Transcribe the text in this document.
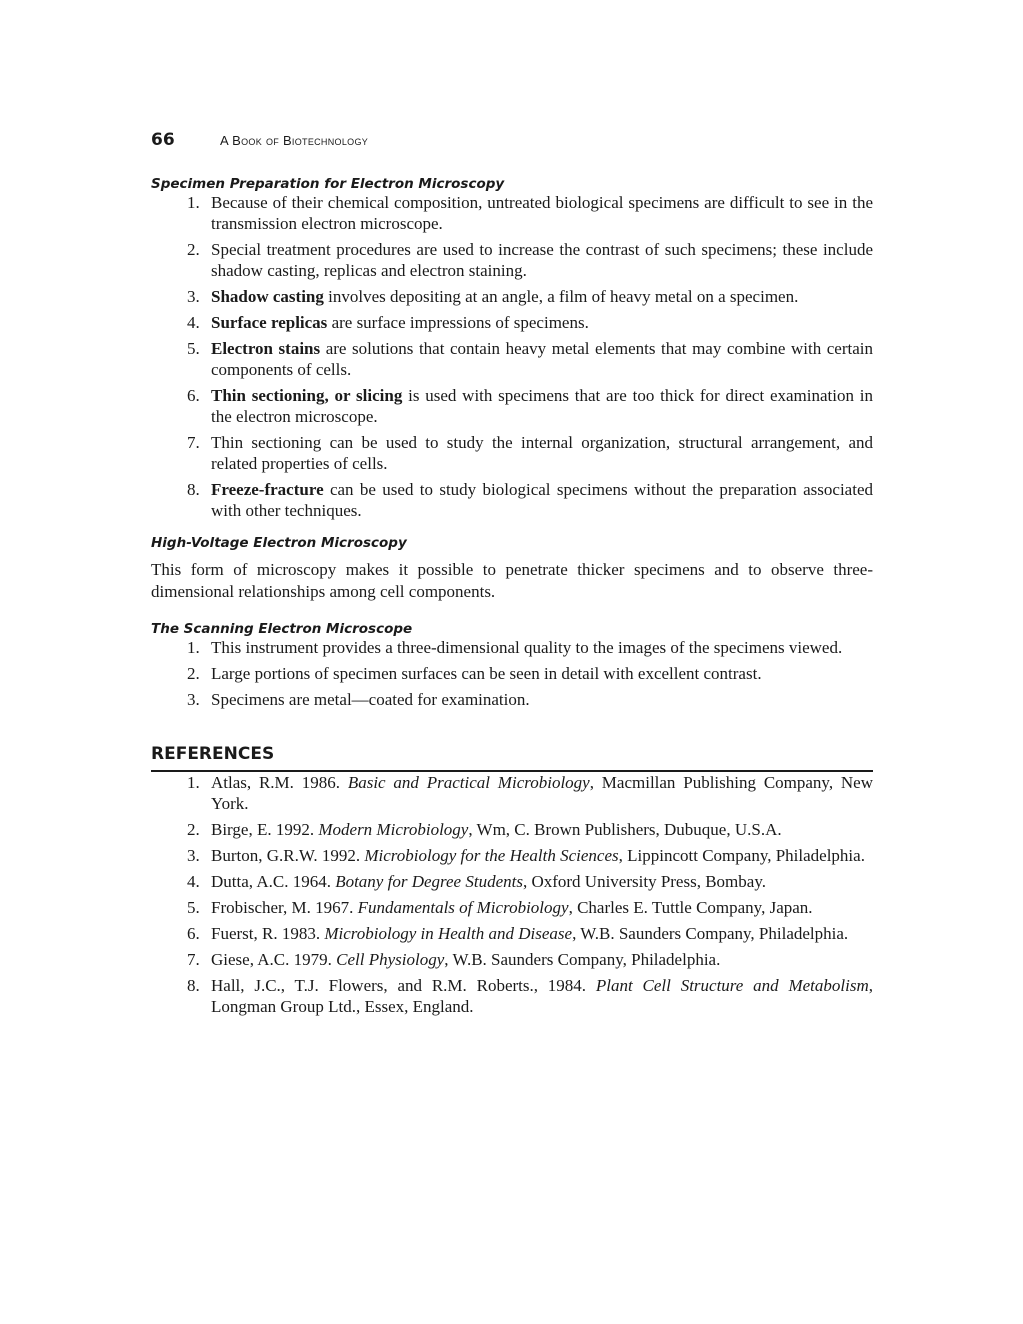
66	A Book of Biotechnology
Specimen Preparation for Electron Microscopy
1. Because of their chemical composition, untreated biological specimens are difficult to see in the transmission electron microscope.
2. Special treatment procedures are used to increase the contrast of such specimens; these include shadow casting, replicas and electron staining.
3. Shadow casting involves depositing at an angle, a film of heavy metal on a specimen.
4. Surface replicas are surface impressions of specimens.
5. Electron stains are solutions that contain heavy metal elements that may combine with certain components of cells.
6. Thin sectioning, or slicing is used with specimens that are too thick for direct examination in the electron microscope.
7. Thin sectioning can be used to study the internal organization, structural arrangement, and related properties of cells.
8. Freeze-fracture can be used to study biological specimens without the preparation associated with other techniques.
High-Voltage Electron Microscopy

This form of microscopy makes it possible to penetrate thicker specimens and to observe three-dimensional relationships among cell components.

The Scanning Electron Microscope
1. This instrument provides a three-dimensional quality to the images of the specimens viewed.
2. Large portions of specimen surfaces can be seen in detail with excellent contrast.
3. Specimens are metal—coated for examination.
REFERENCES
1. Atlas, R.M. 1986. Basic and Practical Microbiology, Macmillan Publishing Company, New York.
2. Birge, E. 1992. Modern Microbiology, Wm, C. Brown Publishers, Dubuque, U.S.A.
3. Burton, G.R.W. 1992. Microbiology for the Health Sciences, Lippincott Company, Philadelphia.
4. Dutta, A.C. 1964. Botany for Degree Students, Oxford University Press, Bombay.
5. Frobischer, M. 1967. Fundamentals of Microbiology, Charles E. Tuttle Company, Japan.
6. Fuerst, R. 1983. Microbiology in Health and Disease, W.B. Saunders Company, Philadelphia.
7. Giese, A.C. 1979. Cell Physiology, W.B. Saunders Company, Philadelphia.
8. Hall, J.C., T.J. Flowers, and R.M. Roberts., 1984. Plant Cell Structure and Metabolism, Longman Group Ltd., Essex, England.
